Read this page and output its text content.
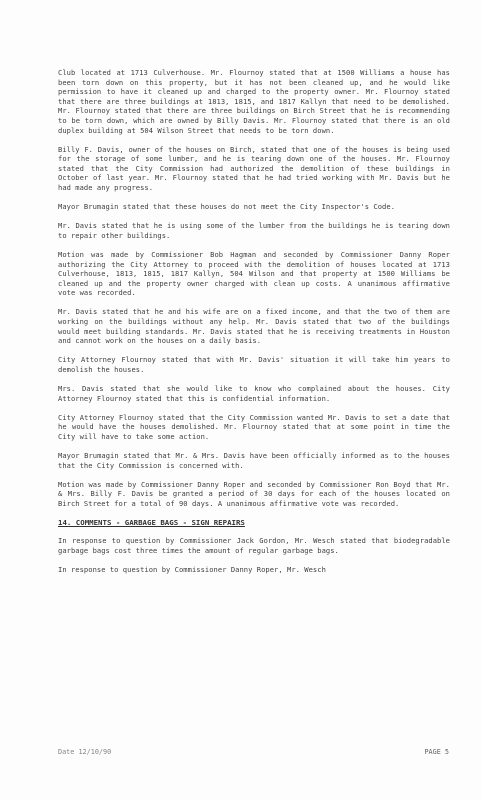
Club located at 1713 Culverhouse. Mr. Flournoy stated that at 1500 Williams a house has been torn down on this property, but it has not been cleaned up, and he would like permission to have it cleaned up and charged to the property owner. Mr. Flournoy stated that there are three buildings at 1813, 1815, and 1817 Kallyn that need to be demolished. Mr. Flournoy stated that there are three buildings on Birch Street that he is recommending to be torn down, which are owned by Billy Davis. Mr. Flournoy stated that there is an old duplex building at 504 Wilson Street that needs to be torn down.

Billy F. Davis, owner of the houses on Birch, stated that one of the houses is being used for the storage of some lumber, and he is tearing down one of the houses. Mr. Flournoy stated that the City Commission had authorized the demolition of these buildings in October of last year. Mr. Flournoy stated that he had tried working with Mr. Davis but he had made any progress.

Mayor Brumagin stated that these houses do not meet the City Inspector's Code.

Mr. Davis stated that he is using some of the lumber from the buildings he is tearing down to repair other buildings.

Motion was made by Commissioner Bob Hagman and seconded by Commissioner Danny Roper authorizing the City Attorney to proceed with the demolition of houses located at 1713 Culverhouse, 1813, 1815, 1817 Kallyn, 504 Wilson and that property at 1500 Williams be cleaned up and the property owner charged with clean up costs. A unanimous affirmative vote was recorded.

Mr. Davis stated that he and his wife are on a fixed income, and that the two of them are working on the buildings without any help. Mr. Davis stated that two of the buildings would meet building standards. Mr. Davis stated that he is receiving treatments in Houston and cannot work on the houses on a daily basis.

City Attorney Flournoy stated that with Mr. Davis' situation it will take him years to demolish the houses.

Mrs. Davis stated that she would like to know who complained about the houses. City Attorney Flournoy stated that this is confidential information.

City Attorney Flournoy stated that the City Commission wanted Mr. Davis to set a date that he would have the houses demolished. Mr. Flournoy stated that at some point in time the City will have to take some action.

Mayor Brumagin stated that Mr. & Mrs. Davis have been officially informed as to the houses that the City Commission is concerned with.

Motion was made by Commissioner Danny Roper and seconded by Commissioner Ron Boyd that Mr. & Mrs. Billy F. Davis be granted a period of 30 days for each of the houses located on Birch Street for a total of 90 days. A unanimous affirmative vote was recorded.

14. COMMENTS - GARBAGE BAGS - SIGN REPAIRS

In response to question by Commissioner Jack Gordon, Mr. Wesch stated that biodegradable garbage bags cost three times the amount of regular garbage bags.

In response to question by Commissioner Danny Roper, Mr. Wesch

Date 12/10/90	PAGE 5
